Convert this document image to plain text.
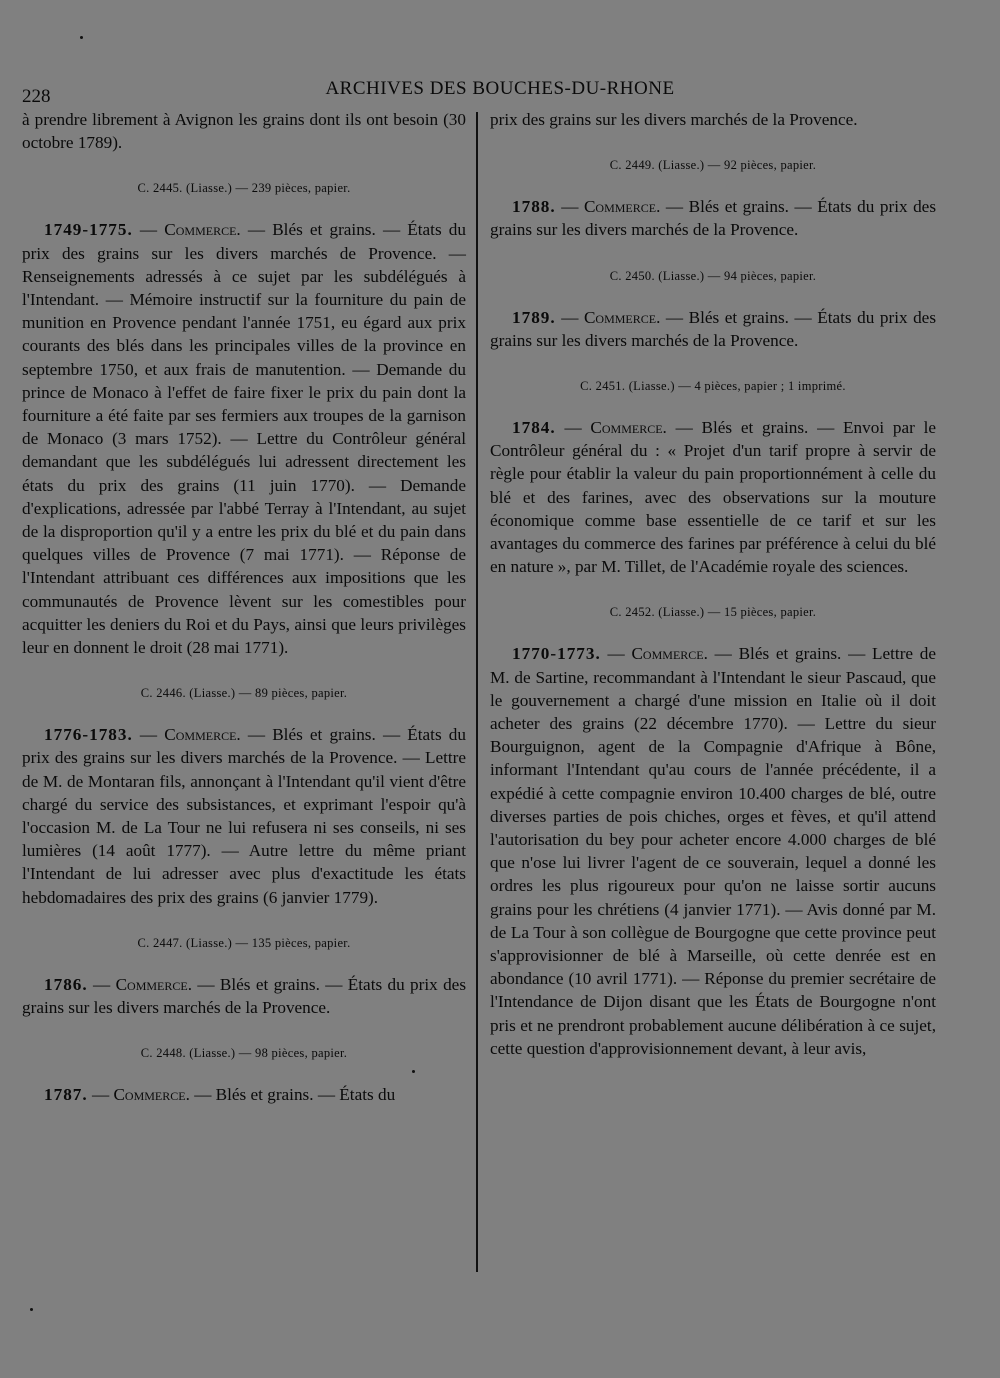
228	ARCHIVES DES BOUCHES-DU-RHONE

à prendre librement à Avignon les grains dont ils ont besoin (30 octobre 1789).

C. 2445. (Liasse.) — 239 pièces, papier.

1749-1775. — Commerce. — Blés et grains. — États du prix des grains sur les divers marchés de Provence. — Renseignements adressés à ce sujet par les subdélégués à l'Intendant. — Mémoire instructif sur la fourniture du pain de munition en Provence pendant l'année 1751, eu égard aux prix courants des blés dans les principales villes de la province en septembre 1750, et aux frais de manutention. — Demande du prince de Monaco à l'effet de faire fixer le prix du pain dont la fourniture a été faite par ses fermiers aux troupes de la garnison de Monaco (3 mars 1752). — Lettre du Contrôleur général demandant que les subdélégués lui adressent directement les états du prix des grains (11 juin 1770). — Demande d'explications, adressée par l'abbé Terray à l'Intendant, au sujet de la disproportion qu'il y a entre les prix du blé et du pain dans quelques villes de Provence (7 mai 1771). — Réponse de l'Intendant attribuant ces différences aux impositions que les communautés de Provence lèvent sur les comestibles pour acquitter les deniers du Roi et du Pays, ainsi que leurs privilèges leur en donnent le droit (28 mai 1771).

C. 2446. (Liasse.) — 89 pièces, papier.

1776-1783. — Commerce. — Blés et grains. — États du prix des grains sur les divers marchés de la Provence. — Lettre de M. de Montaran fils, annonçant à l'Intendant qu'il vient d'être chargé du service des subsistances, et exprimant l'espoir qu'à l'occasion M. de La Tour ne lui refusera ni ses conseils, ni ses lumières (14 août 1777). — Autre lettre du même priant l'Intendant de lui adresser avec plus d'exactitude les états hebdomadaires des prix des grains (6 janvier 1779).

C. 2447. (Liasse.) — 135 pièces, papier.

1786. — Commerce. — Blés et grains. — États du prix des grains sur les divers marchés de la Provence.

C. 2448. (Liasse.) — 98 pièces, papier.

1787. — Commerce. — Blés et grains. — États du

prix des grains sur les divers marchés de la Provence.

C. 2449. (Liasse.) — 92 pièces, papier.

1788. — Commerce. — Blés et grains. — États du prix des grains sur les divers marchés de la Provence.

C. 2450. (Liasse.) — 94 pièces, papier.

1789. — Commerce. — Blés et grains. — États du prix des grains sur les divers marchés de la Provence.

C. 2451. (Liasse.) — 4 pièces, papier ; 1 imprimé.

1784. — Commerce. — Blés et grains. — Envoi par le Contrôleur général du : « Projet d'un tarif propre à servir de règle pour établir la valeur du pain proportionnément à celle du blé et des farines, avec des observations sur la mouture économique comme base essentielle de ce tarif et sur les avantages du commerce des farines par préférence à celui du blé en nature », par M. Tillet, de l'Académie royale des sciences.

C. 2452. (Liasse.) — 15 pièces, papier.

1770-1773. — Commerce. — Blés et grains. — Lettre de M. de Sartine, recommandant à l'Intendant le sieur Pascaud, que le gouvernement a chargé d'une mission en Italie où il doit acheter des grains (22 décembre 1770). — Lettre du sieur Bourguignon, agent de la Compagnie d'Afrique à Bône, informant l'Intendant qu'au cours de l'année précédente, il a expédié à cette compagnie environ 10.400 charges de blé, outre diverses parties de pois chiches, orges et fèves, et qu'il attend l'autorisation du bey pour acheter encore 4.000 charges de blé que n'ose lui livrer l'agent de ce souverain, lequel a donné les ordres les plus rigoureux pour qu'on ne laisse sortir aucuns grains pour les chrétiens (4 janvier 1771). — Avis donné par M. de La Tour à son collègue de Bourgogne que cette province peut s'approvisionner de blé à Marseille, où cette denrée est en abondance (10 avril 1771). — Réponse du premier secrétaire de l'Intendance de Dijon disant que les États de Bourgogne n'ont pris et ne prendront probablement aucune délibération à ce sujet, cette question d'approvisionnement devant, à leur avis,
